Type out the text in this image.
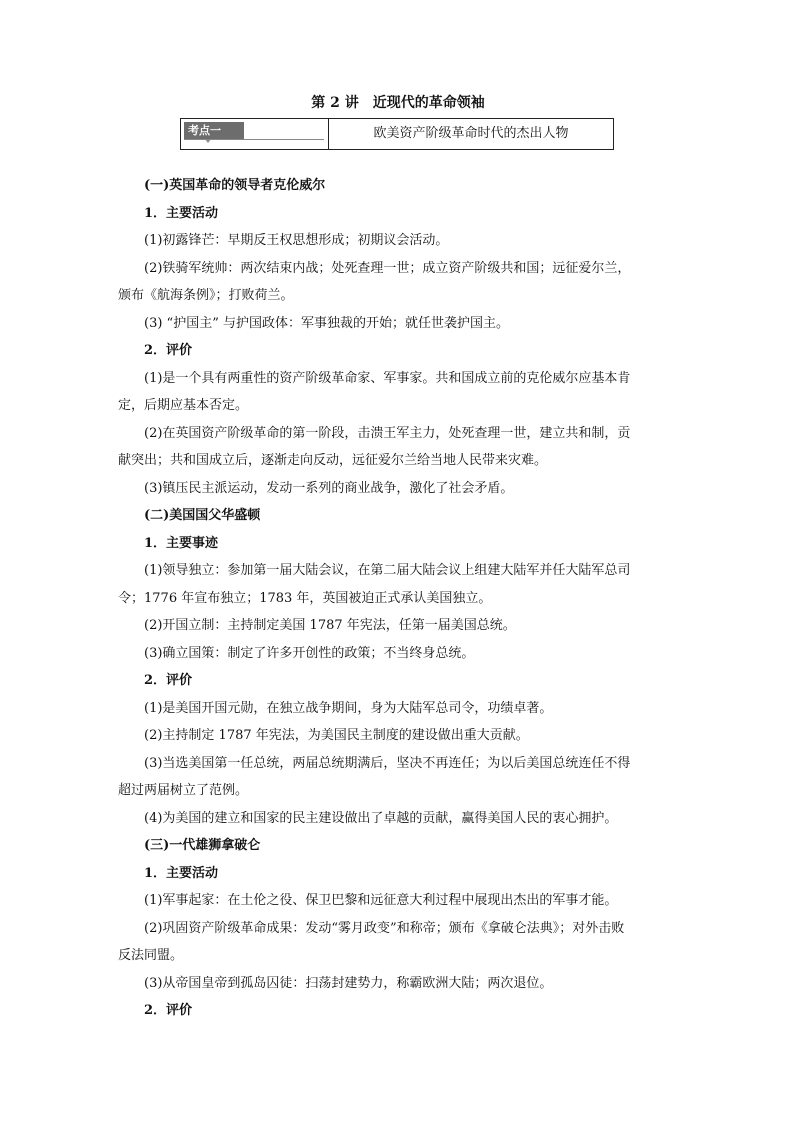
第 2 讲　近现代的革命领袖
考点一	欧美资产阶级革命时代的杰出人物
(一)英国革命的领导者克伦威尔
1．主要活动
(1)初露锋芒：早期反王权思想形成；初期议会活动。
(2)铁骑军统帅：两次结束内战；处死查理一世；成立资产阶级共和国；远征爱尔兰，
颁布《航海条例》；打败荷兰。
(3) “护国主” 与护国政体：军事独裁的开始；就任世袭护国主。
2．评价
(1)是一个具有两重性的资产阶级革命家、军事家。共和国成立前的克伦威尔应基本肯
定，后期应基本否定。
(2)在英国资产阶级革命的第一阶段，击溃王军主力，处死查理一世，建立共和制，贡
献突出；共和国成立后，逐渐走向反动，远征爱尔兰给当地人民带来灾难。
(3)镇压民主派运动，发动一系列的商业战争，激化了社会矛盾。
(二)美国国父华盛顿
1．主要事迹
(1)领导独立：参加第一届大陆会议，在第二届大陆会议上组建大陆军并任大陆军总司
令；1776 年宣布独立；1783 年，英国被迫正式承认美国独立。
(2)开国立制：主持制定美国 1787 年宪法，任第一届美国总统。
(3)确立国策：制定了许多开创性的政策；不当终身总统。
2．评价
(1)是美国开国元勋，在独立战争期间，身为大陆军总司令，功绩卓著。
(2)主持制定 1787 年宪法，为美国民主制度的建设做出重大贡献。
(3)当选美国第一任总统，两届总统期满后，坚决不再连任；为以后美国总统连任不得
超过两届树立了范例。
(4)为美国的建立和国家的民主建设做出了卓越的贡献，赢得美国人民的衷心拥护。
(三)一代雄狮拿破仑
1．主要活动
(1)军事起家：在土伦之役、保卫巴黎和远征意大利过程中展现出杰出的军事才能。
(2)巩固资产阶级革命成果：发动“雾月政变”和称帝；颁布《拿破仑法典》；对外击败
反法同盟。
(3)从帝国皇帝到孤岛囚徒：扫荡封建势力，称霸欧洲大陆；两次退位。
2．评价
